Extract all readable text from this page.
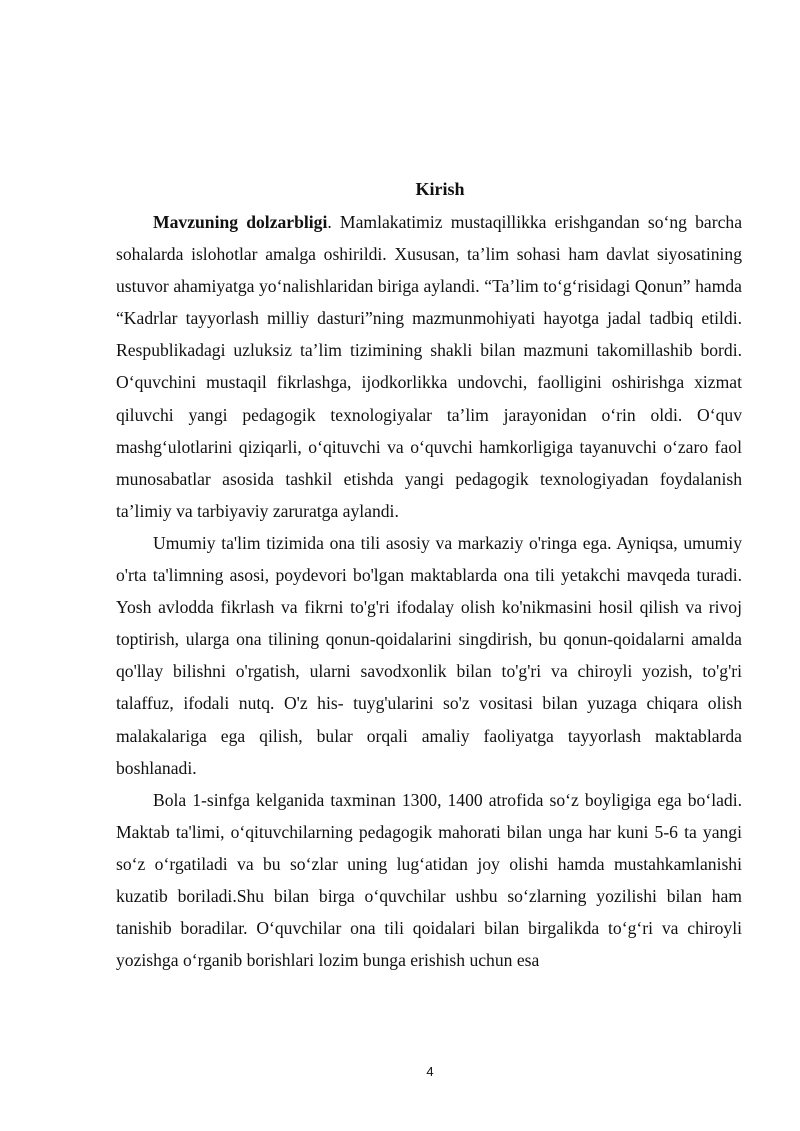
Kirish

Mavzuning dolzarbligi. Mamlakatimiz mustaqillikka erishgandan so‘ng barcha sohalarda islohotlar amalga oshirildi. Xususan, ta’lim sohasi ham davlat siyosatining ustuvor ahamiyatga yo‘nalishlaridan biriga aylandi. “Ta’lim to‘g‘risidagi Qonun” hamda “Kadrlar tayyorlash milliy dasturi”ning mazmunmohiyati hayotga jadal tadbiq etildi. Respublikadagi uzluksiz ta’lim tizimining shakli bilan mazmuni takomillashib bordi. O‘quvchini mustaqil fikrlashga, ijodkorlikka undovchi, faolligini oshirishga xizmat qiluvchi yangi pedagogik texnologiyalar ta’lim jarayonidan o‘rin oldi. O‘quv mashg‘ulotlarini qiziqarli, o‘qituvchi va o‘quvchi hamkorligiga tayanuvchi o‘zaro faol munosabatlar asosida tashkil etishda yangi pedagogik texnologiyadan foydalanish ta’limiy va tarbiyaviy zaruratga aylandi.

Umumiy ta'lim tizimida ona tili asosiy va markaziy o'ringa ega. Ayniqsa, umumiy o'rta ta'limning asosi, poydevori bo'lgan maktablarda ona tili yetakchi mavqeda turadi. Yosh avlodda fikrlash va fikrni to'g'ri ifodalay olish ko'nikmasini hosil qilish va rivoj toptirish, ularga ona tilining qonun-qoidalarini singdirish, bu qonun-qoidalarni amalda qo'llay bilishni o'rgatish, ularni savodxonlik bilan to'g'ri va chiroyli yozish, to'g'ri talaffuz, ifodali nutq. O'z his- tuyg'ularini so'z vositasi bilan yuzaga chiqara olish malakalariga ega qilish, bular orqali amaliy faoliyatga tayyorlash maktablarda boshlanadi.

Bola 1-sinfga kelganida taxminan 1300, 1400 atrofida so‘z boyligiga ega bo‘ladi. Maktab ta'limi, o‘qituvchilarning pedagogik mahorati bilan unga har kuni 5-6 ta yangi so‘z o‘rgatiladi va bu so‘zlar uning lug‘atidan joy olishi hamda mustahkamlanishi kuzatib boriladi.Shu bilan birga o‘quvchilar ushbu so‘zlarning yozilishi bilan ham tanishib boradilar. O‘quvchilar ona tili qoidalari bilan birgalikda to‘g‘ri va chiroyli yozishga o‘rganib borishlari lozim bunga erishish uchun esa

4
